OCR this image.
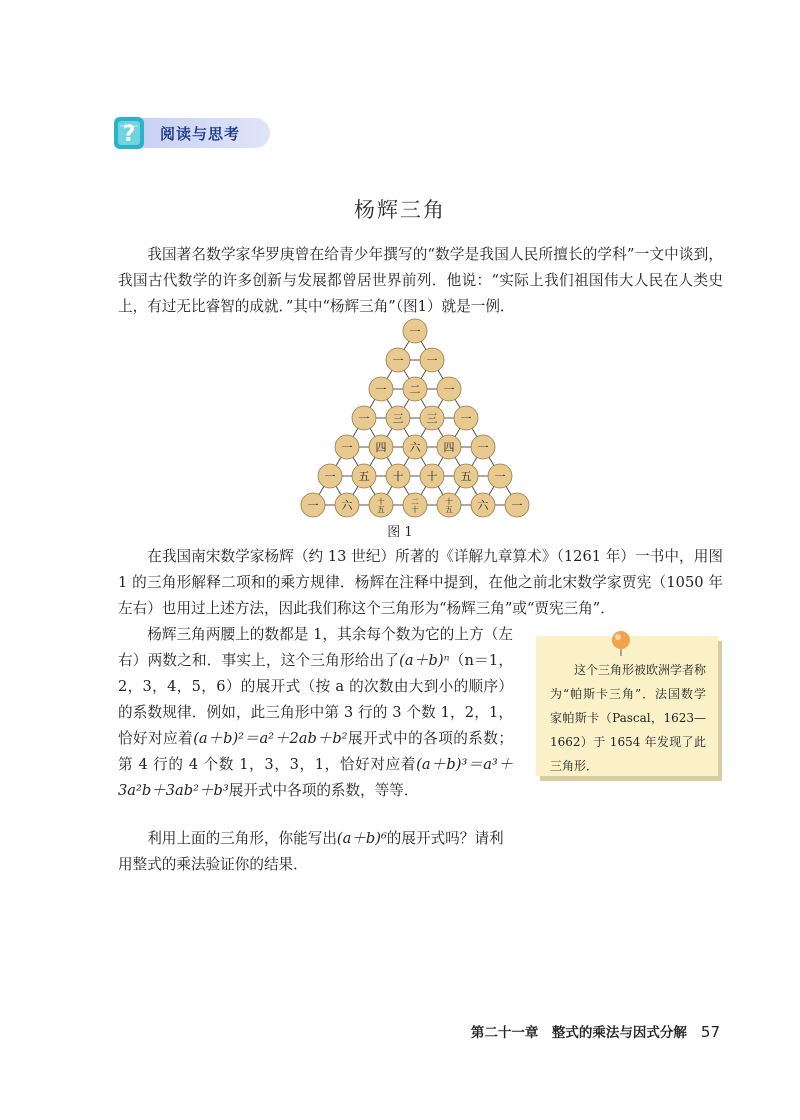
? 阅读与思考
杨辉三角

我国著名数学家华罗庚曾在给青少年撰写的“数学是我国人民所擅长的学科”一文中谈到，我国古代数学的许多创新与发展都曾居世界前列．他说：“实际上我们祖国伟大人民在人类史上，有过无比睿智的成就．”其中“杨辉三角”（图1）就是一例．

一
一 一
一 二 一
一 三 三 一
一 四 六 四 一
一 五 十 十 五 一
一 六	十五
二十
十五 六 一
图 1

在我国南宋数学家杨辉（约 13 世纪）所著的《详解九章算术》（1261 年）一书中，用图 1 的三角形解释二项和的乘方规律．杨辉在注释中提到，在他之前北宋数学家贾宪（1050 年左右）也用过上述方法，因此我们称这个三角形为“杨辉三角”或“贾宪三角”．

杨辉三角两腰上的数都是 1，其余每个数为它的上方（左右）两数之和．事实上，这个三角形给出了(a＋b)ⁿ（n＝1，2，3，4，5，6）的展开式（按 a 的次数由大到小的顺序）的系数规律．例如，此三角形中第 3 行的 3 个数 1，2，1，恰好对应着(a＋b)²＝a²＋2ab＋b²展开式中的各项的系数；第 4 行的 4 个数 1，3，3，1，恰好对应着(a＋b)³＝a³＋3a²b＋3ab²＋b³展开式中各项的系数，等等．

利用上面的三角形，你能写出(a＋b)⁶的展开式吗？请利用整式的乘法验证你的结果．

这个三角形被欧洲学者称为“帕斯卡三角”．法国数学家帕斯卡（Pascal，1623—1662）于 1654 年发现了此三角形．
第二十一章　整式的乘法与因式分解 57
